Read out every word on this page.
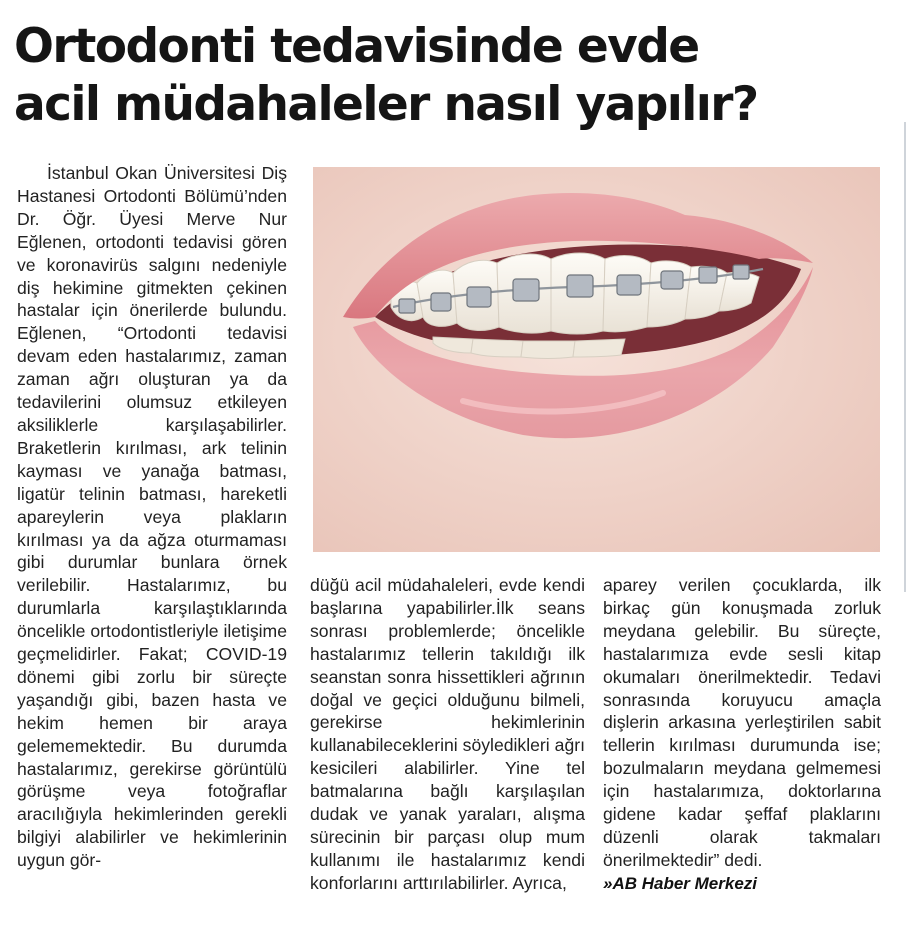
Ortodonti tedavisinde evde
acil müdahaleler nasıl yapılır?

İstanbul Okan Üniversitesi Diş Hastanesi Ortodonti Bölümü’nden Dr. Öğr. Üyesi Merve Nur Eğlenen, ortodonti tedavisi gören ve koronavirüs salgını nedeniyle diş hekimine gitmekten çekinen hastalar için önerilerde bulundu. Eğlenen, “Ortodonti tedavisi devam eden hastalarımız, zaman zaman ağrı oluşturan ya da tedavilerini olumsuz etkileyen aksiliklerle karşılaşabilirler. Braketlerin kırılması, ark telinin kayması ve yanağa batması, ligatür telinin batması, hareketli apareylerin veya plakların kırılması ya da ağza oturmaması gibi durumlar bunlara örnek verilebilir. Hastalarımız, bu durumlarla karşılaştıklarında öncelikle ortodontistleriyle iletişime geçmelidirler. Fakat; COVID-19 dönemi gibi zorlu bir süreçte yaşandığı gibi, bazen hasta ve hekim hemen bir araya gelememektedir. Bu durumda hastalarımız, gerekirse görüntülü görüşme veya fotoğraflar aracılığıyla hekimlerinden gerekli bilgiyi alabilirler ve hekimlerinin uygun gör-

düğü acil müdahaleleri, evde kendi başlarına yapabilirler.İlk seans sonrası problemlerde; öncelikle hastalarımız tellerin takıldığı ilk seanstan sonra hissettikleri ağrının doğal ve geçici olduğunu bilmeli, gerekirse hekimlerinin kullanabileceklerini söyledikleri ağrı kesicileri alabilirler. Yine tel batmalarına bağlı karşılaşılan dudak ve yanak yaraları, alışma sürecinin bir parçası olup mum kullanımı ile hastalarımız kendi konforlarını arttırılabilirler. Ayrıca,

aparey verilen çocuklarda, ilk birkaç gün konuşmada zorluk meydana gelebilir. Bu süreçte, hastalarımıza evde sesli kitap okumaları önerilmektedir. Tedavi sonrasında koruyucu amaçla dişlerin arkasına yerleştirilen sabit tellerin kırılması durumunda ise; bozulmaların meydana gelmemesi için hastalarımıza, doktorlarına gidene kadar şeffaf plaklarını düzenli olarak takmaları önerilmektedir” dedi.

»AB Haber Merkezi
